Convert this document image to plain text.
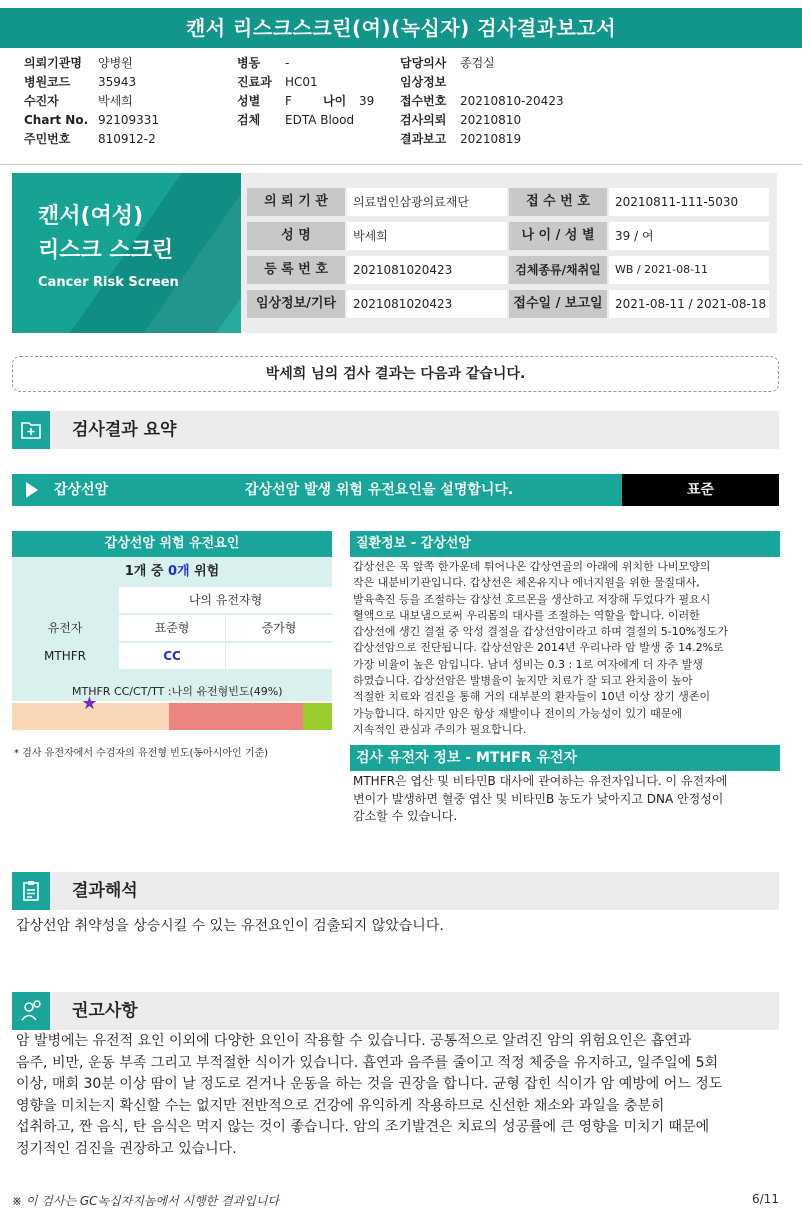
캔서 리스크스크린(여)(녹십자) 검사결과보고서
의뢰기관명 양병원
병원코드 35943
수진자	박세희
Chart No. 92109331
주민번호 810912-2
병동 -
진료과 HC01
성별 F	나이 39
검체 EDTA Blood
담당의사 종검실
임상정보
접수번호 20210810-20423
검사의뢰 20210810
결과보고 20210819
캔서(여성)
리스크 스크린
Cancer Risk Screen
의 뢰 기 관	의료법인삼광의료재단	접 수 번 호	20210811-111-5030
성 명	박세희	나 이 / 성 별	39 / 여
등 록 번 호	2021081020423	검체종류/채취일	WB / 2021-08-11
임상정보/기타	2021081020423	접수일 / 보고일	2021-08-11 / 2021-08-18
박세희 님의 검사 결과는 다음과 같습니다.
검사결과 요약
갑상선암	갑상선암 발생 위험 유전요인을 설명합니다.	표준
갑상선암 위험 유전요인
1개 중 0개 위험
나의 유전자형
유전자	표준형	증가형
MTHFR	CC
MTHFR CC/CT/TT :나의 유전형빈도(49%)
★
* 검사 유전자에서 수검자의 유전형 빈도(동아시아인 기준)
질환정보 - 갑상선암
갑상선은 목 앞쪽 한가운데 튀어나온 갑상연골의 아래에 위치한 나비모양의
작은 내분비기관입니다. 갑상선은 체온유지나 에너지원을 위한 물질대사,
발육촉진 등을 조절하는 갑상선 호르몬을 생산하고 저장해 두었다가 필요시
혈액으로 내보냄으로써 우리몸의 대사를 조절하는 역할을 합니다. 이러한
갑상선에 생긴 결절 중 악성 결절을 갑상선암이라고 하며 결절의 5-10%정도가
갑상선암으로 진단됩니다. 갑상선암은 2014년 우리나라 암 발생 중 14.2%로
가장 비율이 높은 암입니다. 남녀 성비는 0.3 : 1로 여자에게 더 자주 발생
하였습니다. 갑상선암은 발병율이 높지만 치료가 잘 되고 완치율이 높아
적절한 치료와 검진을 통해 거의 대부분의 환자들이 10년 이상 장기 생존이
가능합니다. 하지만 암은 항상 재발이나 전이의 가능성이 있기 때문에
지속적인 관심과 주의가 필요합니다.
검사 유전자 정보 - MTHFR 유전자
MTHFR은 엽산 및 비타민B 대사에 관여하는 유전자입니다. 이 유전자에
변이가 발생하면 혈중 엽산 및 비타민B 농도가 낮아지고 DNA 안정성이
감소할 수 있습니다.
결과해석
갑상선암 취약성을 상승시킬 수 있는 유전요인이 검출되지 않았습니다.
권고사항
암 발병에는 유전적 요인 이외에 다양한 요인이 작용할 수 있습니다. 공통적으로 알려진 암의 위험요인은 흡연과
음주, 비만, 운동 부족 그리고 부적절한 식이가 있습니다. 흡연과 음주를 줄이고 적정 체중을 유지하고, 일주일에 5회
이상, 매회 30분 이상 땀이 날 정도로 걷거나 운동을 하는 것을 권장을 합니다. 균형 잡힌 식이가 암 예방에 어느 정도
영향을 미치는지 확신할 수는 없지만 전반적으로 건강에 유익하게 작용하므로 신선한 채소와 과일을 충분히
섭취하고, 짠 음식, 탄 음식은 먹지 않는 것이 좋습니다. 암의 조기발견은 치료의 성공률에 큰 영향을 미치기 때문에
정기적인 검진을 권장하고 있습니다.
※ 이 검사는 GC녹십자지놈에서 시행한 결과입니다	6/11
